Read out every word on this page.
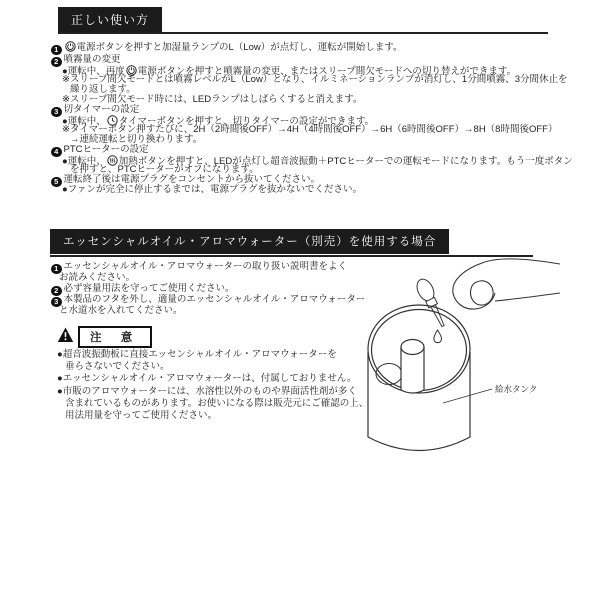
正しい使い方
1 電源ボタンを押すと加湿量ランプのL（Low）が点灯し、運転が開始します。
2 噴霧量の変更
●運転中、再度 電源ボタンを押すと噴霧量の変更、またはスリープ間欠モードへの切り替えができます。
※スリープ間欠モードとは噴霧レベルがL（Low）となり、イルミネーションランプが消灯し、1分間噴霧、3分間休止を
繰り返します。
※スリープ間欠モード時には、LEDランプはしばらくすると消えます。
3 切タイマーの設定
●運転中、 タイマーボタンを押すと、切りタイマーの設定ができます。
※タイマーボタン押すたびに、2H（2時間後OFF）→4H（4時間後OFF）→6H（6時間後OFF）→8H（8時間後OFF）
→連続運転と切り換わります。
4 PTCヒーターの設定
●運転中、 加熱ボタンを押すと、LEDが点灯し超音波振動＋PTCヒーターでの運転モードになります。もう一度ボタン
を押すと、PTCヒーターがオフになります。
5 運転終了後は電源プラグをコンセントから抜いてください。
●ファンが完全に停止するまでは、電源プラグを抜かないでください。
エッセンシャルオイル・アロマウォーター（別売）を使用する場合
1 エッセンシャルオイル・アロマウォーターの取り扱い説明書をよく
お読みください。
2 必ず容量用法を守ってご使用ください。
3 本製品のフタを外し、適量のエッセンシャルオイル・アロマウォーター
と水道水を入れてください。
注 意
●超音波振動板に直接エッセンシャルオイル・アロマウォーターを
垂らさないでください。
●エッセンシャルオイル・アロマウォーターは、付属しておりません。
●市販のアロマウォーターには、水溶性以外のものや界面活性剤が多く
含まれているものがあります。お使いになる際は販売元にご確認の上、
用法用量を守ってご使用ください。
給水タンク
